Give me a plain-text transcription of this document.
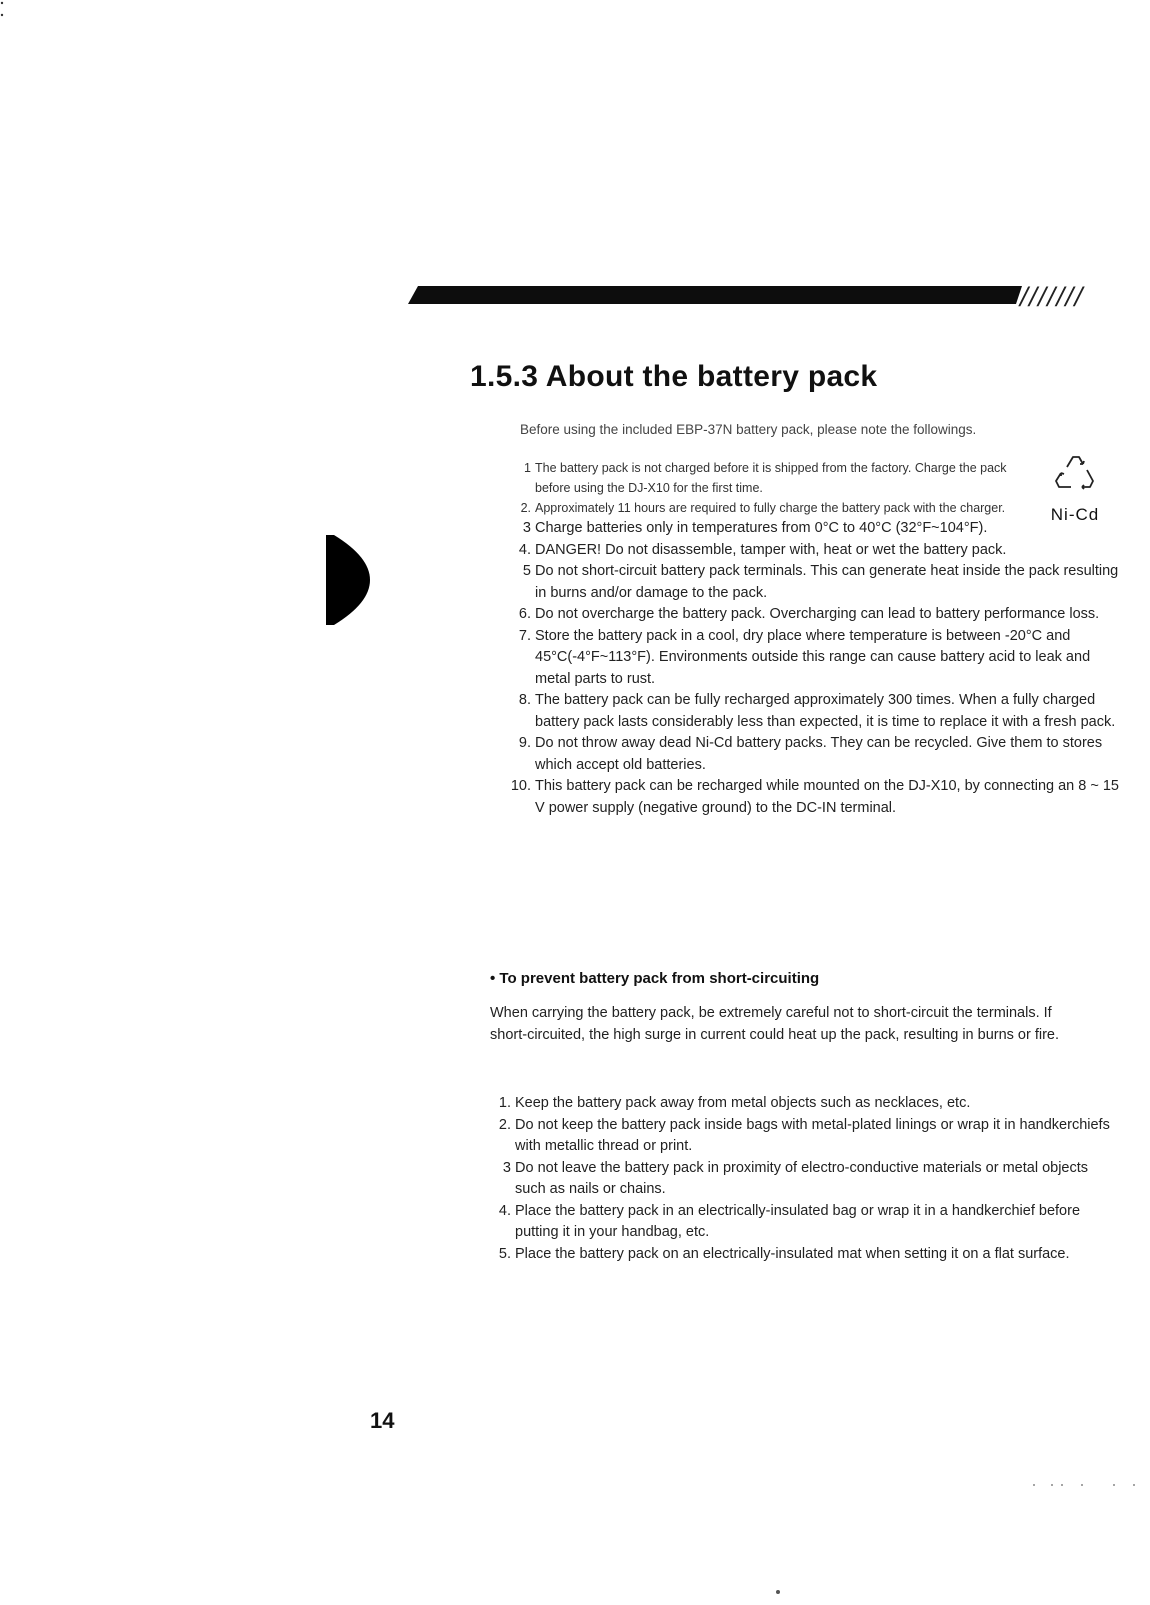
///////
1.5.3 About the battery pack

Before using the included EBP-37N battery pack, please note the followings.

Ni-Cd
1 The battery pack is not charged before it is shipped from the factory. Charge the pack before using the DJ-X10 for the first time.
2. Approximately 11 hours are required to fully charge the battery pack with the charger.
3 Charge batteries only in temperatures from 0°C to 40°C (32°F~104°F).
4. DANGER! Do not disassemble, tamper with, heat or wet the battery pack.
5 Do not short-circuit battery pack terminals. This can generate heat inside the pack resulting in burns and/or damage to the pack.
6. Do not overcharge the battery pack. Overcharging can lead to battery performance loss.
7. Store the battery pack in a cool, dry place where temperature is between -20°C and 45°C(-4°F~113°F). Environments outside this range can cause battery acid to leak and metal parts to rust.
8. The battery pack can be fully recharged approximately 300 times. When a fully charged battery pack lasts considerably less than expected, it is time to replace it with a fresh pack.
9. Do not throw away dead Ni-Cd battery packs. They can be recycled. Give them to stores which accept old batteries.
10. This battery pack can be recharged while mounted on the DJ-X10, by connecting an 8 ~ 15 V power supply (negative ground) to the DC-IN terminal.
• To prevent battery pack from short-circuiting

When carrying the battery pack, be extremely careful not to short-circuit the terminals. If short-circuited, the high surge in current could heat up the pack, resulting in burns or fire.

1. Keep the battery pack away from metal objects such as necklaces, etc.
2. Do not keep the battery pack inside bags with metal-plated linings or wrap it in handkerchiefs with metallic thread or print.
3 Do not leave the battery pack in proximity of electro-conductive materials or metal objects such as nails or chains.
4. Place the battery pack in an electrically-insulated bag or wrap it in a handkerchief before putting it in your handbag, etc.
5. Place the battery pack on an electrically-insulated mat when setting it on a flat surface.

14
